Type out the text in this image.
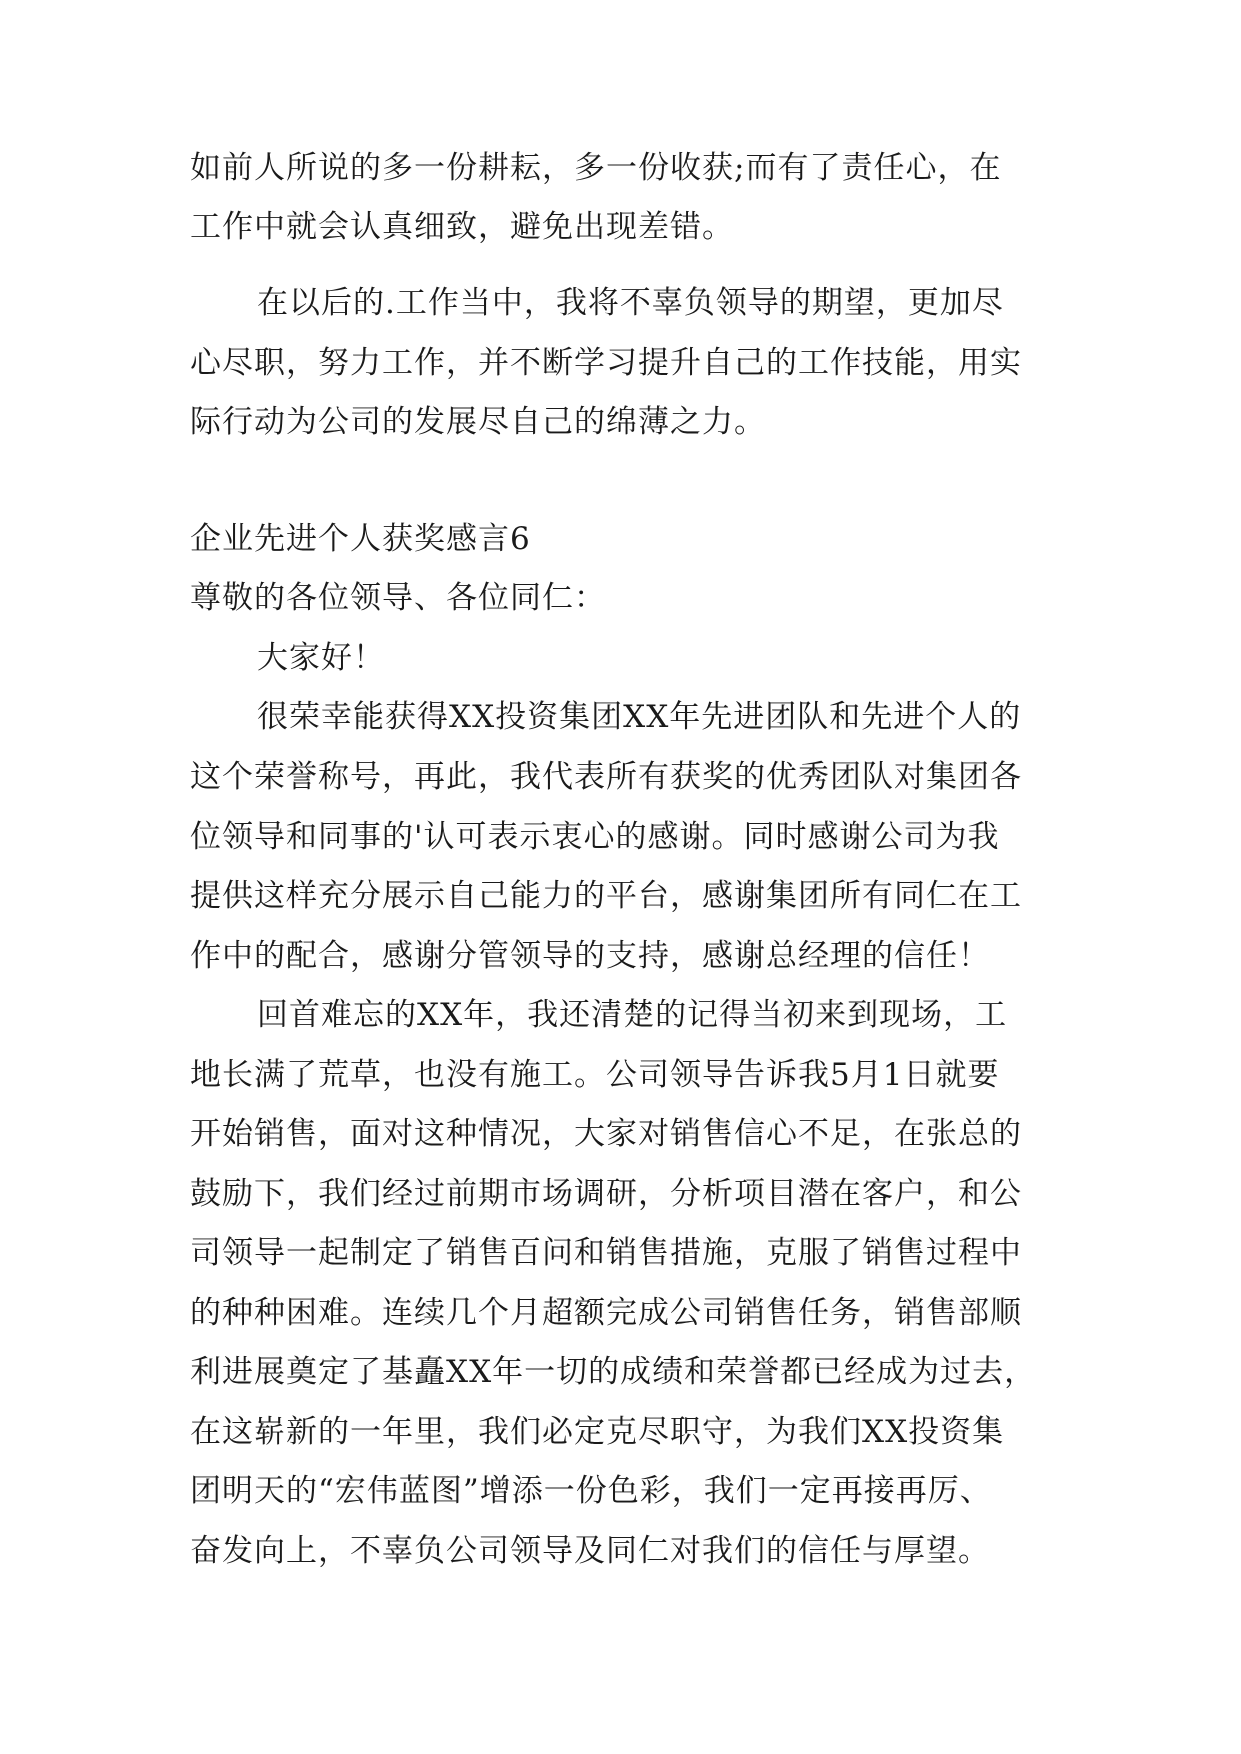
如前人所说的多一份耕耘，多一份收获;而有了责任心，在
工作中就会认真细致，避免出现差错。
在以后的.工作当中，我将不辜负领导的期望，更加尽
心尽职，努力工作，并不断学习提升自己的工作技能，用实
际行动为公司的发展尽自己的绵薄之力。
企业先进个人获奖感言6
尊敬的各位领导、各位同仁：
大家好！
很荣幸能获得XX投资集团XX年先进团队和先进个人的
这个荣誉称号，再此，我代表所有获奖的优秀团队对集团各
位领导和同事的'认可表示衷心的感谢。同时感谢公司为我
提供这样充分展示自己能力的平台，感谢集团所有同仁在工
作中的配合，感谢分管领导的支持，感谢总经理的信任！
回首难忘的XX年，我还清楚的记得当初来到现场，工
地长满了荒草，也没有施工。公司领导告诉我5月1日就要
开始销售，面对这种情况，大家对销售信心不足，在张总的
鼓励下，我们经过前期市场调研，分析项目潜在客户，和公
司领导一起制定了销售百问和销售措施，克服了销售过程中
的种种困难。连续几个月超额完成公司销售任务，销售部顺
利进展奠定了基矗XX年一切的成绩和荣誉都已经成为过去，
在这崭新的一年里，我们必定克尽职守，为我们XX投资集
团明天的“宏伟蓝图”增添一份色彩，我们一定再接再厉、
奋发向上，不辜负公司领导及同仁对我们的信任与厚望。
